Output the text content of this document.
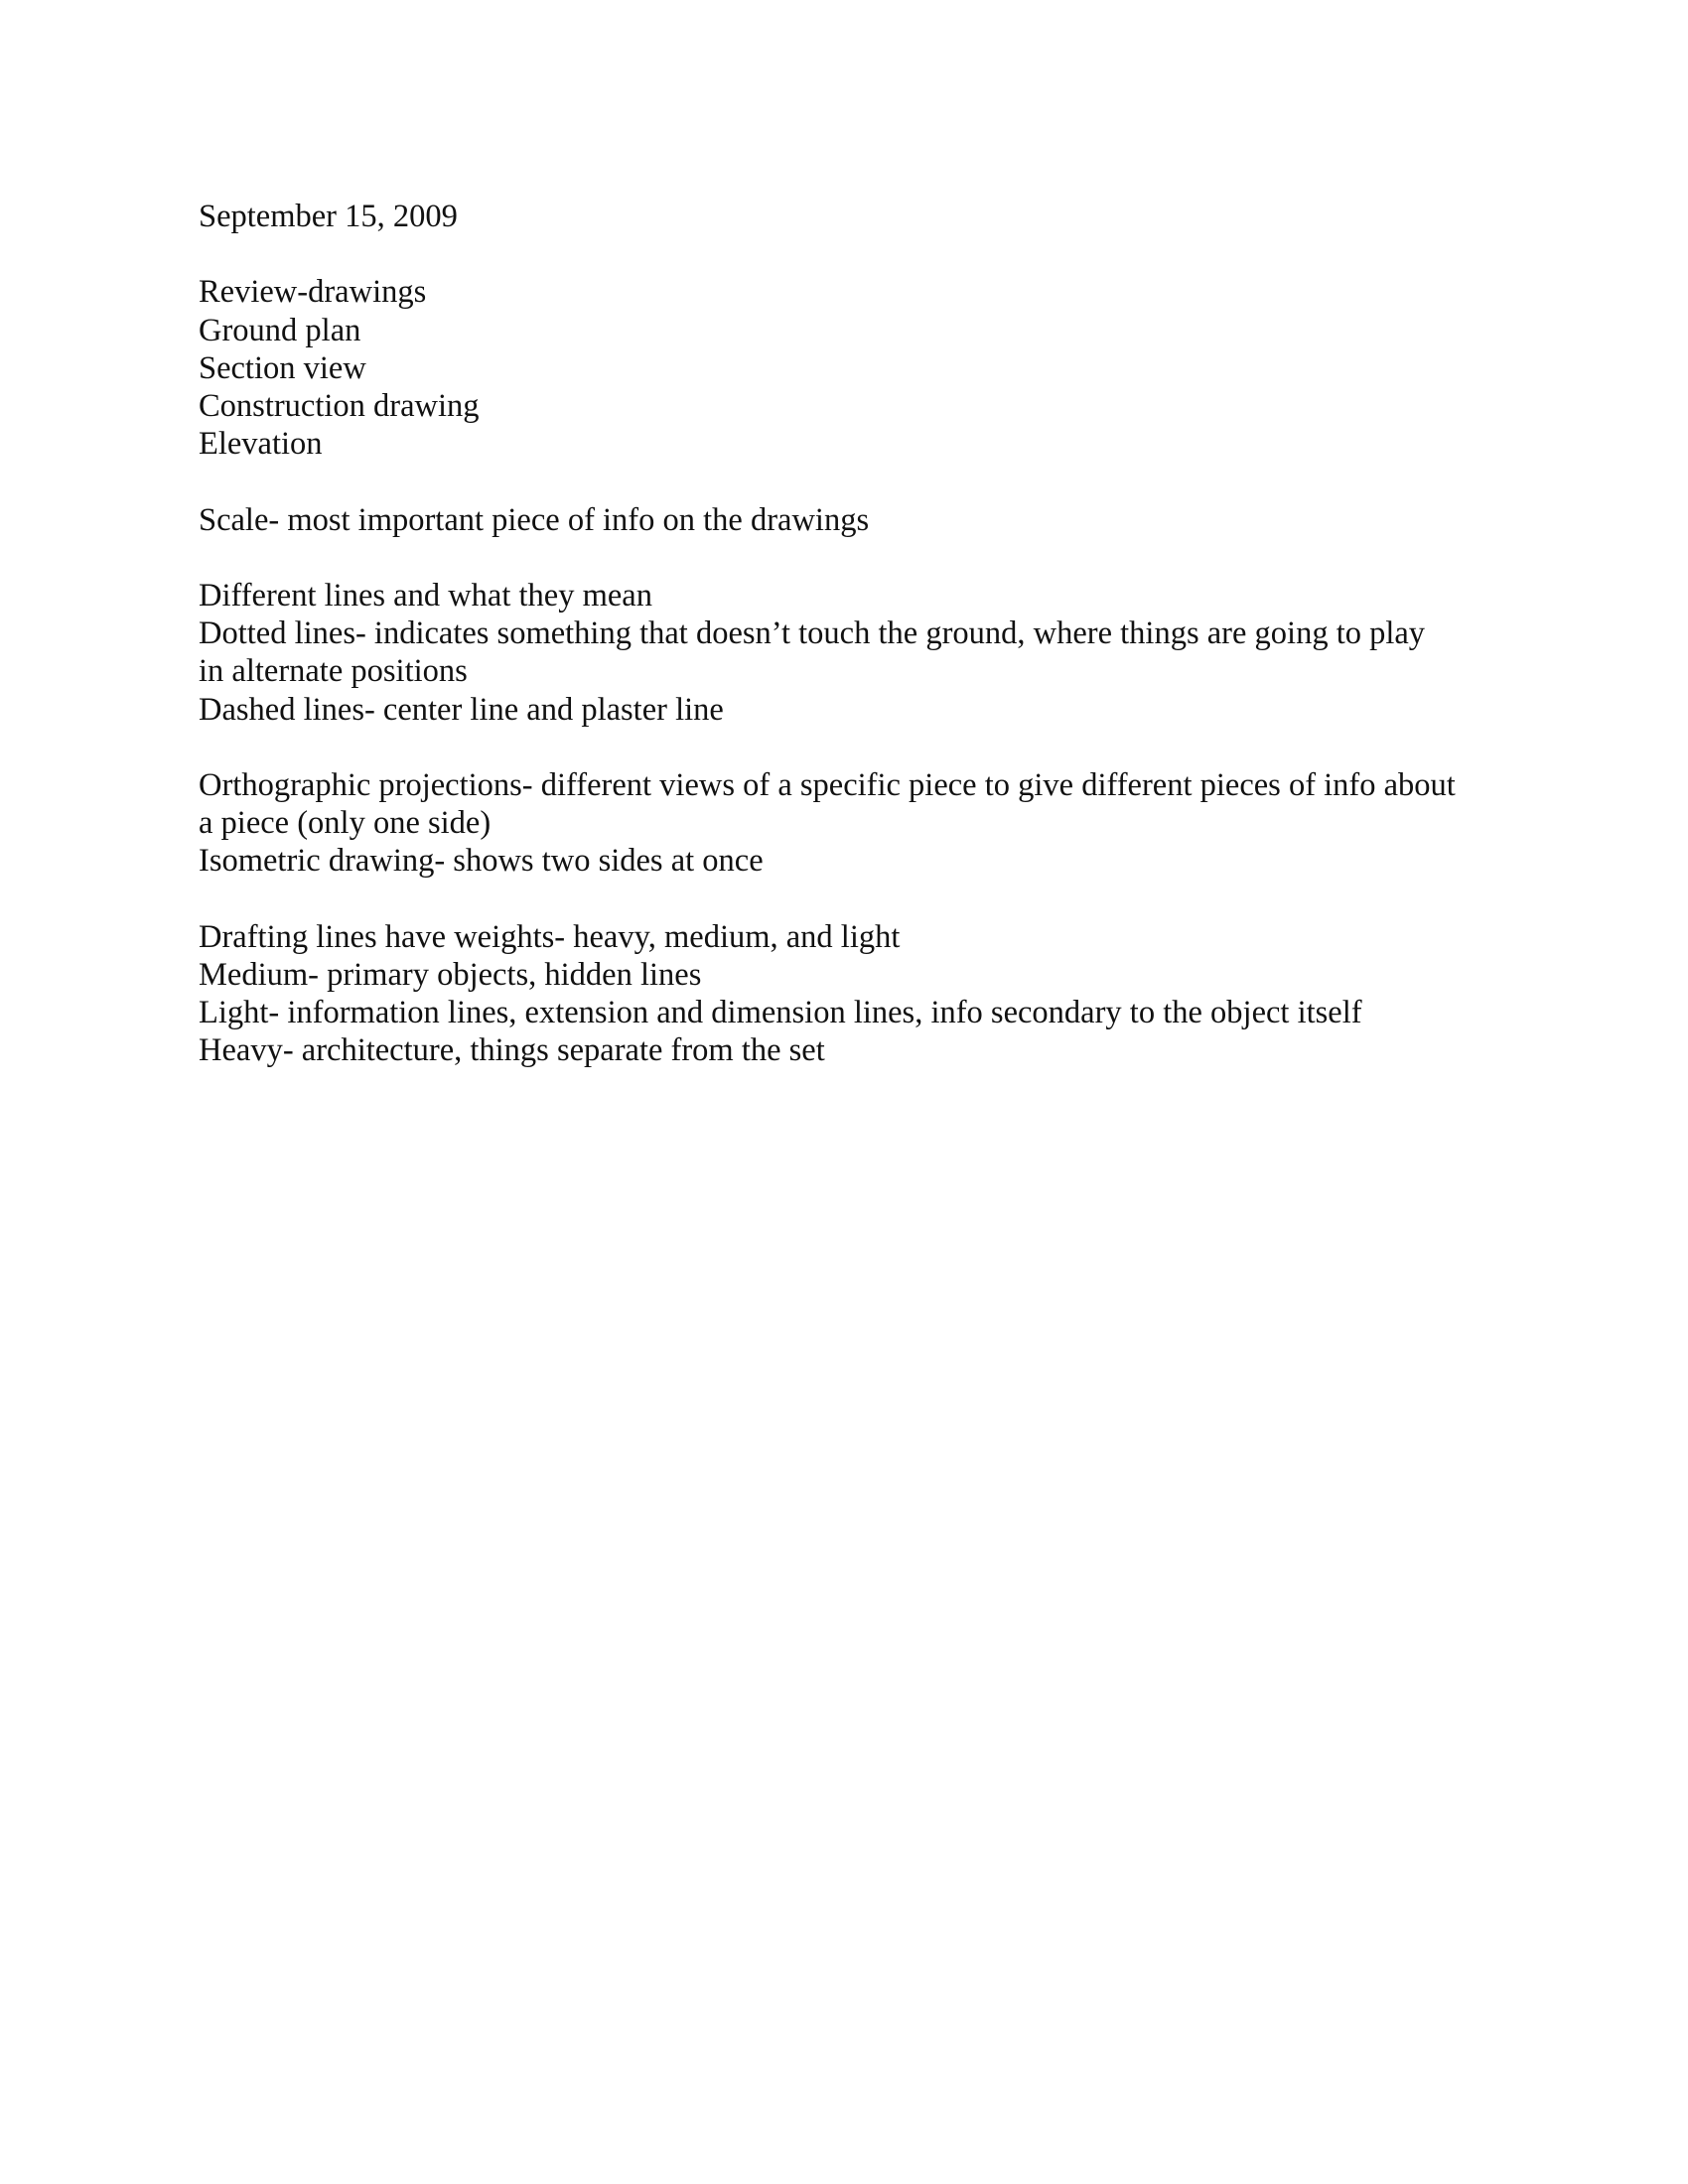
September 15, 2009
Review-drawings
Ground plan
Section view
Construction drawing
Elevation
Scale- most important piece of info on the drawings
Different lines and what they mean
Dotted lines- indicates something that doesn’t touch the ground, where things are going to play
in alternate positions
Dashed lines- center line and plaster line
Orthographic projections- different views of a specific piece to give different pieces of info about
a piece (only one side)
Isometric drawing- shows two sides at once
Drafting lines have weights- heavy, medium, and light
Medium- primary objects, hidden lines
Light- information lines, extension and dimension lines, info secondary to the object itself
Heavy- architecture, things separate from the set
